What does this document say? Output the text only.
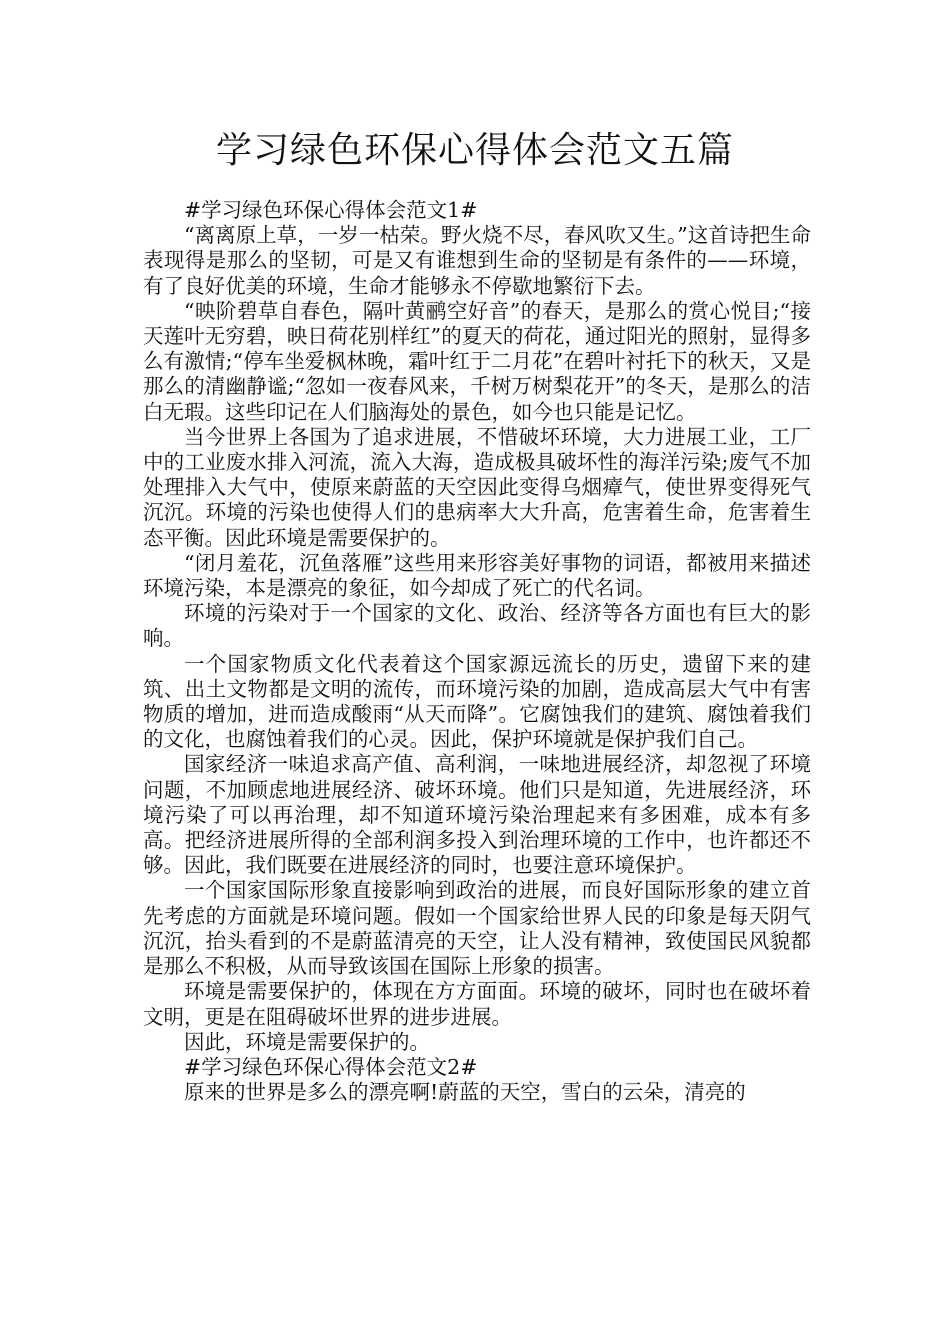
学习绿色环保心得体会范文五篇

#学习绿色环保心得体会范文1#

“离离原上草，一岁一枯荣。野火烧不尽，春风吹又生。”这首诗把生命表现得是那么的坚韧，可是又有谁想到生命的坚韧是有条件的——环境，有了良好优美的环境，生命才能够永不停歇地繁衍下去。

“映阶碧草自春色，隔叶黄鹂空好音”的春天，是那么的赏心悦目;“接天莲叶无穷碧，映日荷花别样红”的夏天的荷花，通过阳光的照射，显得多么有激情;“停车坐爱枫林晚，霜叶红于二月花”在碧叶衬托下的秋天，又是那么的清幽静谧;“忽如一夜春风来，千树万树梨花开”的冬天，是那么的洁白无瑕。这些印记在人们脑海处的景色，如今也只能是记忆。

当今世界上各国为了追求进展，不惜破坏环境，大力进展工业，工厂中的工业废水排入河流，流入大海，造成极具破坏性的海洋污染;废气不加处理排入大气中，使原来蔚蓝的天空因此变得乌烟瘴气，使世界变得死气沉沉。环境的污染也使得人们的患病率大大升高，危害着生命，危害着生态平衡。因此环境是需要保护的。

“闭月羞花，沉鱼落雁”这些用来形容美好事物的词语，都被用来描述环境污染，本是漂亮的象征，如今却成了死亡的代名词。

环境的污染对于一个国家的文化、政治、经济等各方面也有巨大的影响。

一个国家物质文化代表着这个国家源远流长的历史，遗留下来的建筑、出土文物都是文明的流传，而环境污染的加剧，造成高层大气中有害物质的增加，进而造成酸雨“从天而降”。它腐蚀我们的建筑、腐蚀着我们的文化，也腐蚀着我们的心灵。因此，保护环境就是保护我们自己。

国家经济一味追求高产值、高利润，一味地进展经济，却忽视了环境问题，不加顾虑地进展经济、破坏环境。他们只是知道，先进展经济，环境污染了可以再治理，却不知道环境污染治理起来有多困难，成本有多高。把经济进展所得的全部利润多投入到治理环境的工作中，也许都还不够。因此，我们既要在进展经济的同时，也要注意环境保护。

一个国家国际形象直接影响到政治的进展，而良好国际形象的建立首先考虑的方面就是环境问题。假如一个国家给世界人民的印象是每天阴气沉沉，抬头看到的不是蔚蓝清亮的天空，让人没有精神，致使国民风貌都是那么不积极，从而导致该国在国际上形象的损害。

环境是需要保护的，体现在方方面面。环境的破坏，同时也在破坏着文明，更是在阻碍破坏世界的进步进展。

因此，环境是需要保护的。

#学习绿色环保心得体会范文2#

原来的世界是多么的漂亮啊!蔚蓝的天空，雪白的云朵，清亮的
